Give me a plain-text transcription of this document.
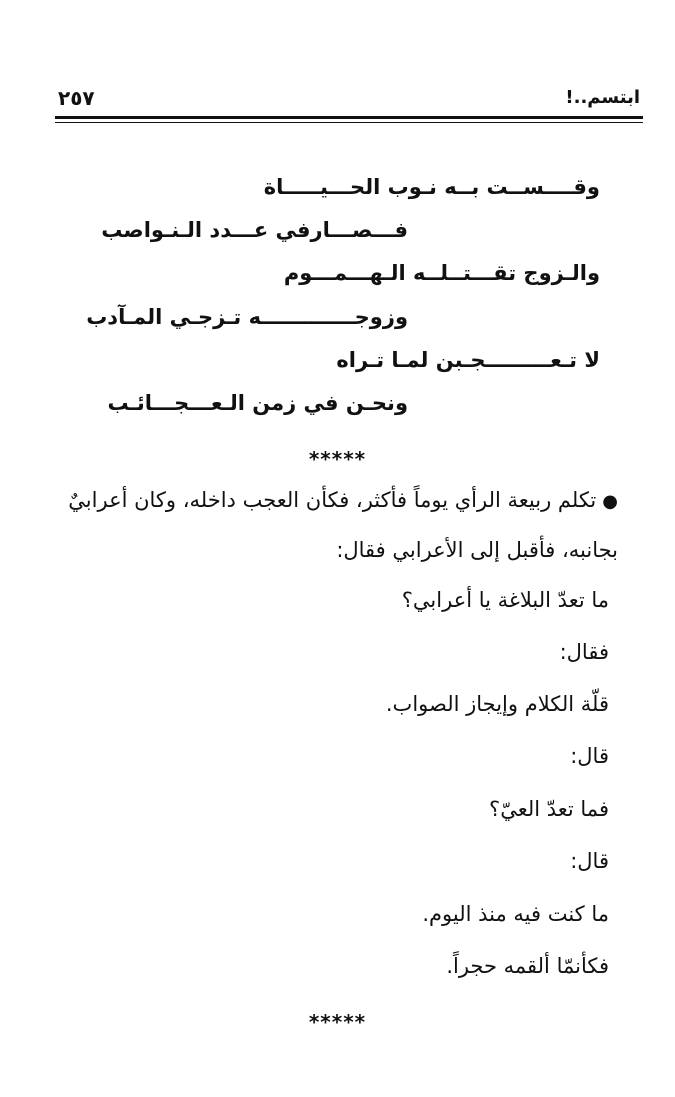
٢٥٧	ابتسم..!
وقــــســت بــه نـوب الحـــيـــــاة
فـــصـــارفي عـــدد الـنـواصب
والـزوج تقـــتــلــه الـهـــمـــوم
وزوجـــــــــــــه تـزجـي المـآدب
لا تـعـــــــــجـبن لمـا تـراه
ونحـن في زمن الـعـــجـــائـب
*****
●تكلم ربيعة الرأي يوماً فأكثر، فكأن العجب داخله، وكان أعرابيٌ
بجانبه، فأقبل إلى الأعرابي فقال:
ما تعدّ البلاغة يا أعرابي؟
فقال:
قلّة الكلام وإيجاز الصواب.
قال:
فما تعدّ العيّ؟
قال:
ما كنت فيه منذ اليوم.
فكأنمّا ألقمه حجراً.
*****
